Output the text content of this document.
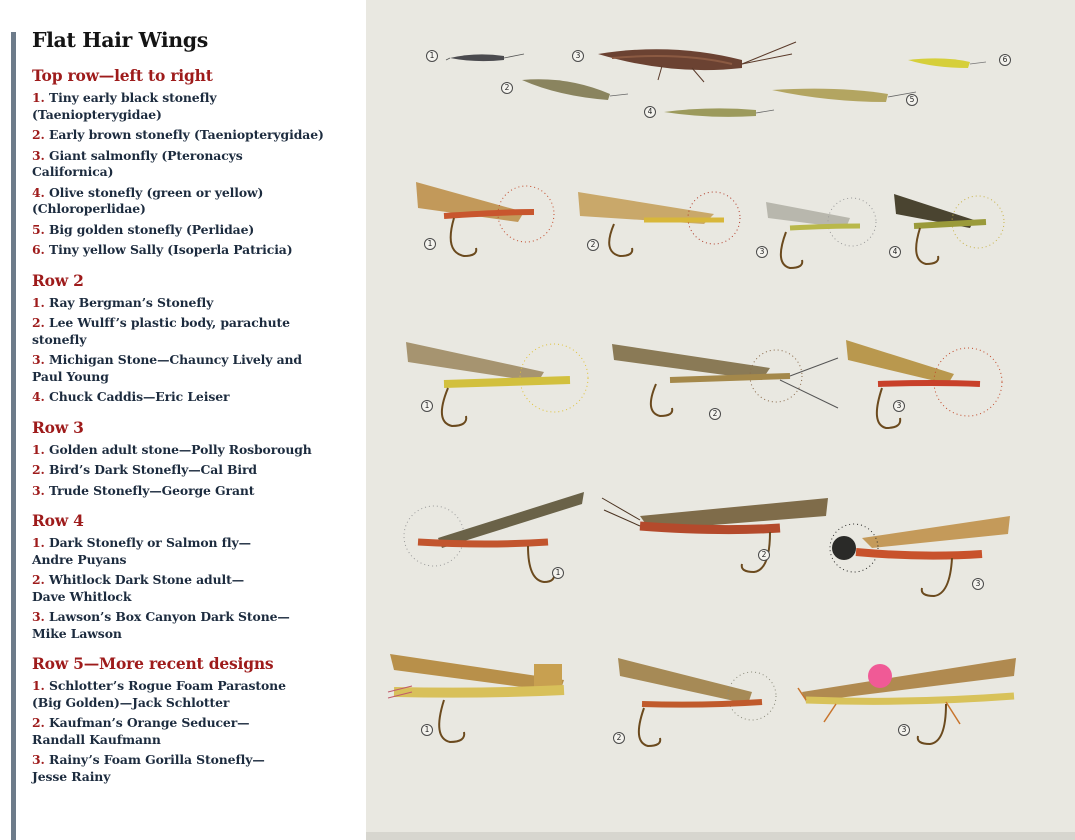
Flat Hair Wings
Top row—left to right
1. Tiny early black stonefly
(Taeniopterygidae)
2. Early brown stonefly (Taeniopterygidae)
3. Giant salmonfly (Pteronacys
Californica)
4. Olive stonefly (green or yellow)
(Chloroperlidae)
5. Big golden stonefly (Perlidae)
6. Tiny yellow Sally (Isoperla Patricia)
Row 2
1. Ray Bergman’s Stonefly
2. Lee Wulff’s plastic body, parachute
stonefly
3. Michigan Stone—Chauncy Lively and
Paul Young
4. Chuck Caddis—Eric Leiser
Row 3
1. Golden adult stone—Polly Rosborough
2. Bird’s Dark Stonefly—Cal Bird
3. Trude Stonefly—George Grant
Row 4
1. Dark Stonefly or Salmon fly—
Andre Puyans
2. Whitlock Dark Stone adult—
Dave Whitlock
3. Lawson’s Box Canyon Dark Stone—
Mike Lawson
Row 5—More recent designs
1. Schlotter’s Rogue Foam Parastone
(Big Golden)—Jack Schlotter
2. Kaufman’s Orange Seducer—
Randall Kaufmann
3. Rainy’s Foam Gorilla Stonefly—
Jesse Rainy
1
2
3
4
5
6
1	2
3	4
1
2
3
1
2
3
1
2
3
